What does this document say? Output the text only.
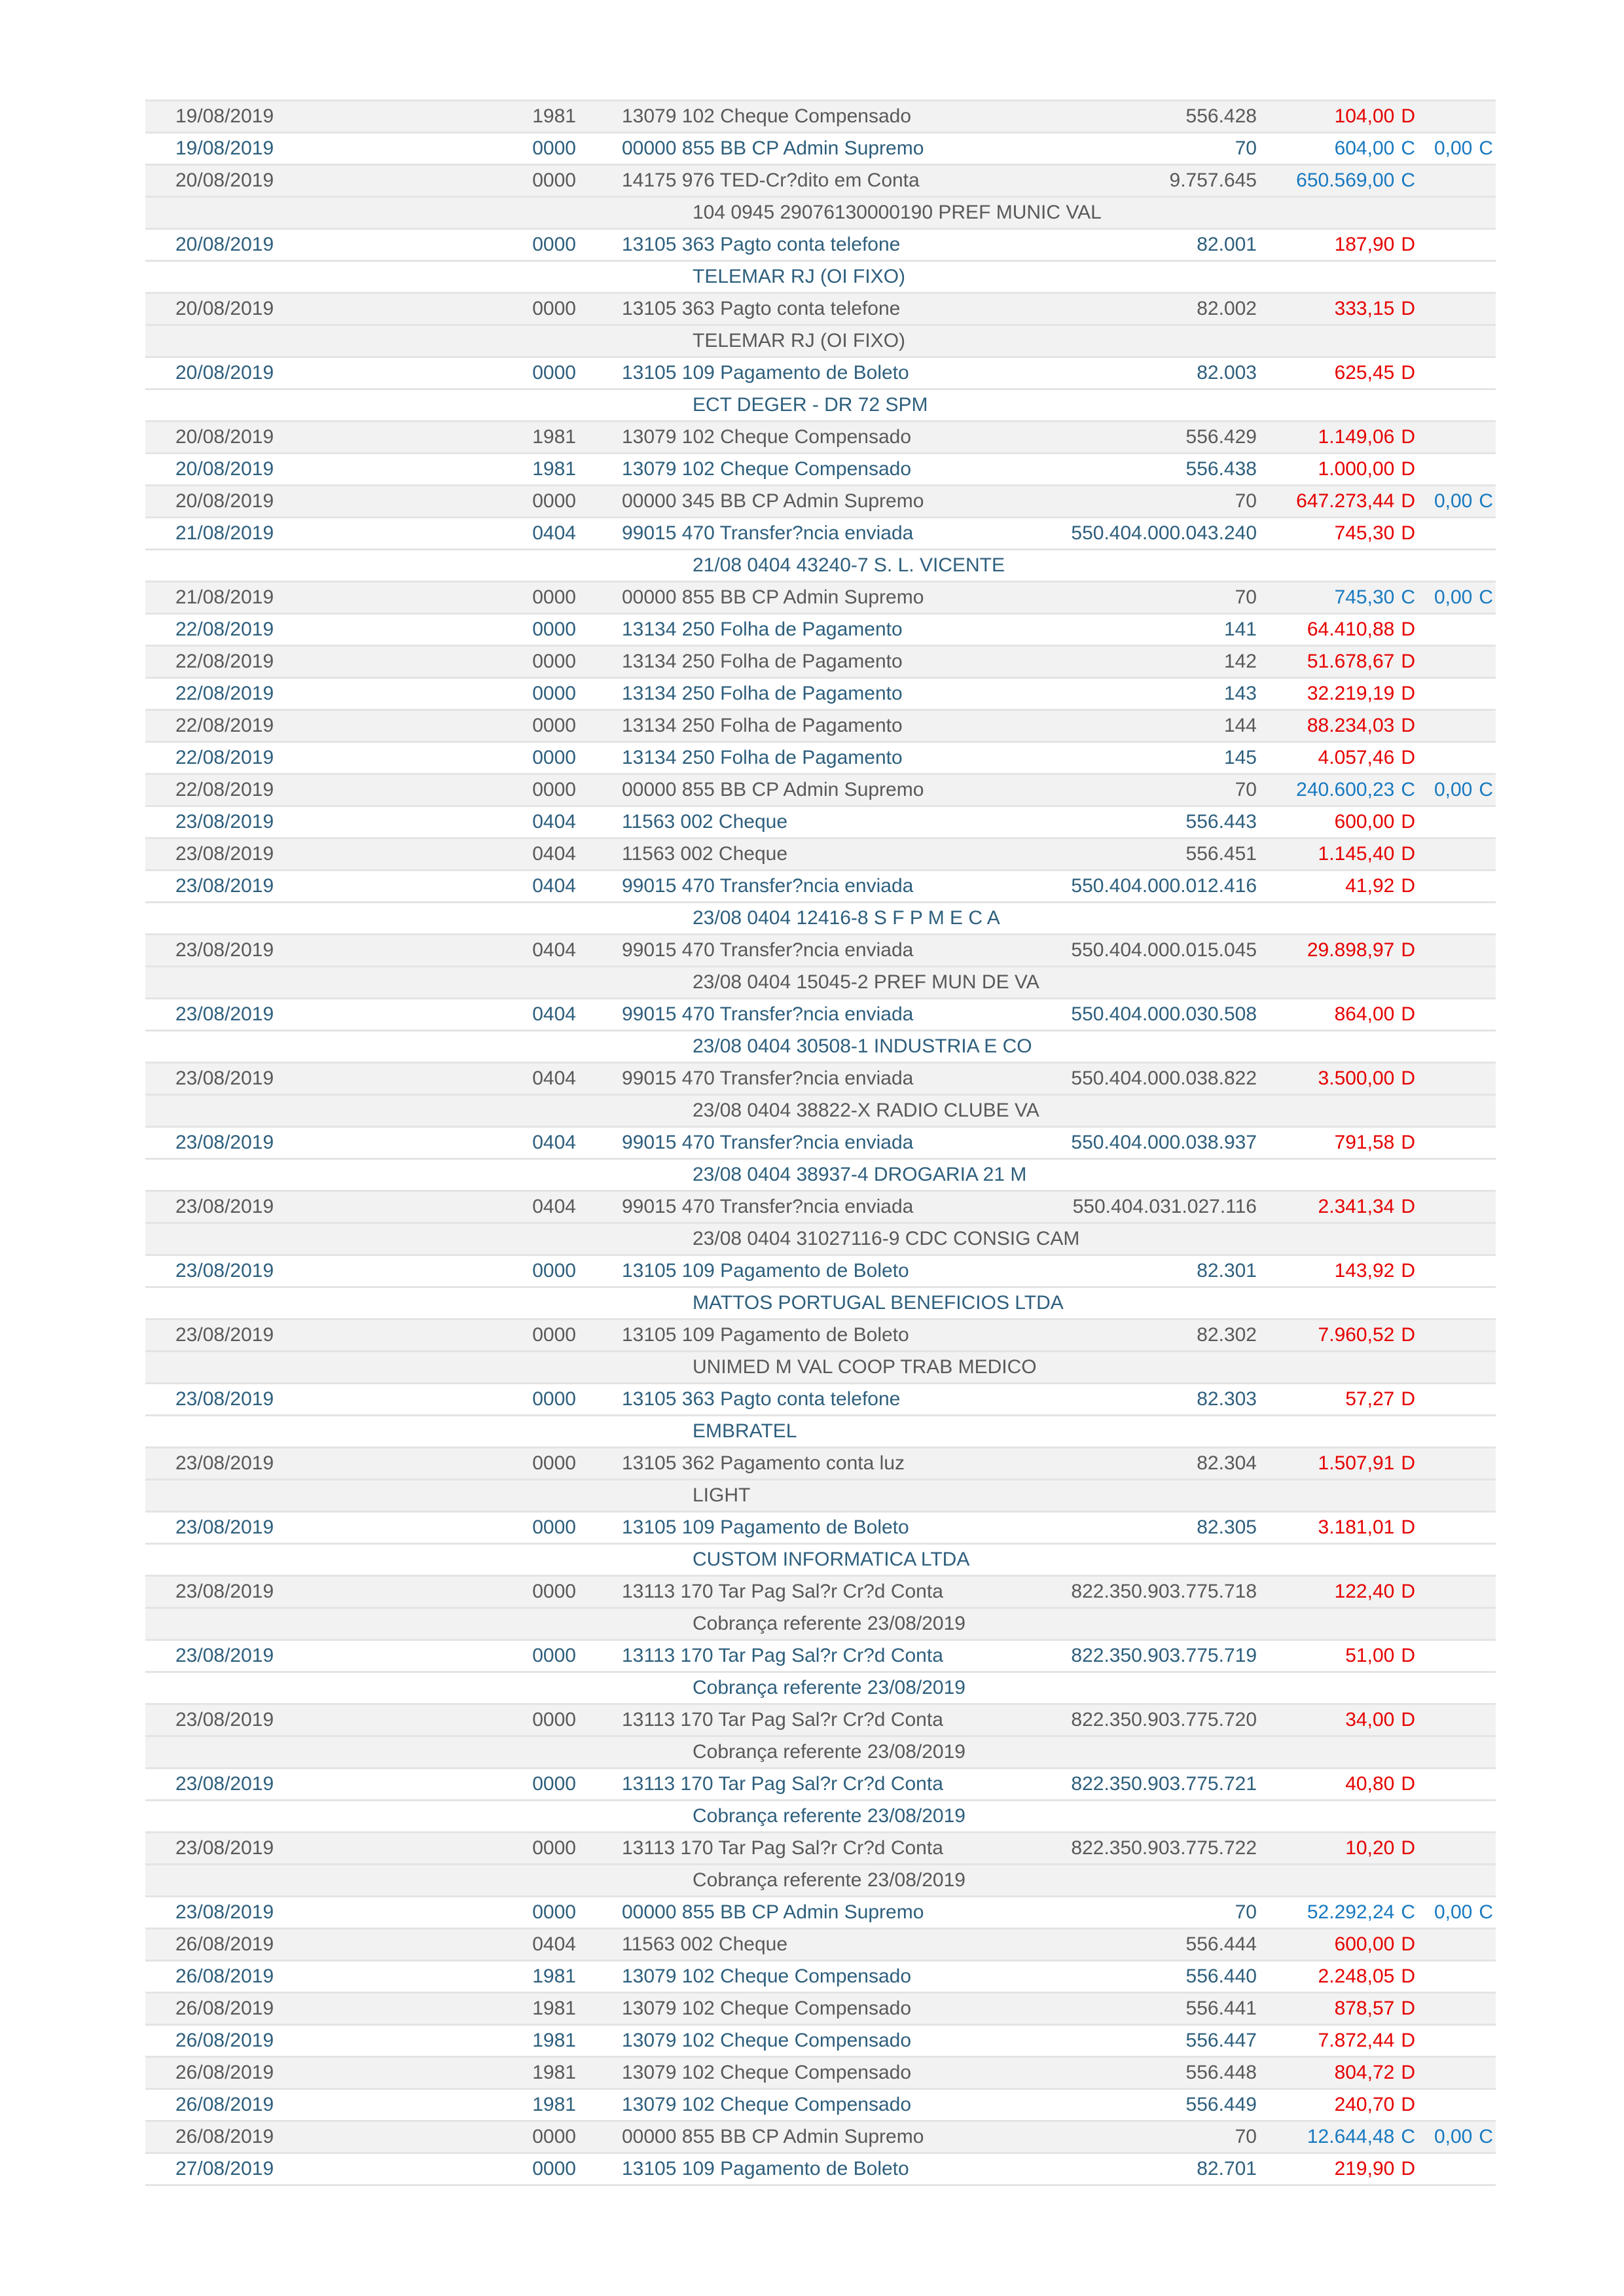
19/08/2019	1981	13079 102 Cheque Compensado	556.428	104,00 D
19/08/2019	0000	00000 855 BB CP Admin Supremo	70	604,00 C 0,00 C
20/08/2019	0000	14175 976 TED-Cr?dito em Conta	9.757.645 650.569,00 C
104 0945 29076130000190 PREF MUNIC VAL
20/08/2019	0000	13105 363 Pagto conta telefone	82.001	187,90 D
TELEMAR RJ (OI FIXO)
20/08/2019	0000	13105 363 Pagto conta telefone	82.002	333,15 D
TELEMAR RJ (OI FIXO)
20/08/2019	0000	13105 109 Pagamento de Boleto	82.003	625,45 D
ECT DEGER - DR 72 SPM
20/08/2019	1981	13079 102 Cheque Compensado	556.429	1.149,06 D
20/08/2019	1981	13079 102 Cheque Compensado	556.438	1.000,00 D
20/08/2019	0000	00000 345 BB CP Admin Supremo	70 647.273,44 D 0,00 C
21/08/2019	0404	99015 470 Transfer?ncia enviada	550.404.000.043.240	745,30 D
21/08 0404 43240-7 S. L. VICENTE
21/08/2019	0000	00000 855 BB CP Admin Supremo	70	745,30 C 0,00 C
22/08/2019	0000	13134 250 Folha de Pagamento	141	64.410,88 D
22/08/2019	0000	13134 250 Folha de Pagamento	142	51.678,67 D
22/08/2019	0000	13134 250 Folha de Pagamento	143	32.219,19 D
22/08/2019	0000	13134 250 Folha de Pagamento	144	88.234,03 D
22/08/2019	0000	13134 250 Folha de Pagamento	145	4.057,46 D
22/08/2019	0000	00000 855 BB CP Admin Supremo	70 240.600,23 C 0,00 C
23/08/2019	0404	11563 002 Cheque	556.443	600,00 D
23/08/2019	0404	11563 002 Cheque	556.451	1.145,40 D
23/08/2019	0404	99015 470 Transfer?ncia enviada	550.404.000.012.416	41,92 D
23/08 0404 12416-8 S F P M E C A
23/08/2019	0404	99015 470 Transfer?ncia enviada	550.404.000.015.045	29.898,97 D
23/08 0404 15045-2 PREF MUN DE VA
23/08/2019	0404	99015 470 Transfer?ncia enviada	550.404.000.030.508	864,00 D
23/08 0404 30508-1 INDUSTRIA E CO
23/08/2019	0404	99015 470 Transfer?ncia enviada	550.404.000.038.822	3.500,00 D
23/08 0404 38822-X RADIO CLUBE VA
23/08/2019	0404	99015 470 Transfer?ncia enviada	550.404.000.038.937	791,58 D
23/08 0404 38937-4 DROGARIA 21 M
23/08/2019	0404	99015 470 Transfer?ncia enviada	550.404.031.027.116	2.341,34 D
23/08 0404 31027116-9 CDC CONSIG CAM
23/08/2019	0000	13105 109 Pagamento de Boleto	82.301	143,92 D
MATTOS PORTUGAL BENEFICIOS LTDA
23/08/2019	0000	13105 109 Pagamento de Boleto	82.302	7.960,52 D
UNIMED M VAL COOP TRAB MEDICO
23/08/2019	0000	13105 363 Pagto conta telefone	82.303	57,27 D
EMBRATEL
23/08/2019	0000	13105 362 Pagamento conta luz	82.304	1.507,91 D
LIGHT
23/08/2019	0000	13105 109 Pagamento de Boleto	82.305	3.181,01 D
CUSTOM INFORMATICA LTDA
23/08/2019	0000	13113 170 Tar Pag Sal?r Cr?d Conta	822.350.903.775.718	122,40 D
Cobrança referente 23/08/2019
23/08/2019	0000	13113 170 Tar Pag Sal?r Cr?d Conta	822.350.903.775.719	51,00 D
Cobrança referente 23/08/2019
23/08/2019	0000	13113 170 Tar Pag Sal?r Cr?d Conta	822.350.903.775.720	34,00 D
Cobrança referente 23/08/2019
23/08/2019	0000	13113 170 Tar Pag Sal?r Cr?d Conta	822.350.903.775.721	40,80 D
Cobrança referente 23/08/2019
23/08/2019	0000	13113 170 Tar Pag Sal?r Cr?d Conta	822.350.903.775.722	10,20 D
Cobrança referente 23/08/2019
23/08/2019	0000	00000 855 BB CP Admin Supremo	70	52.292,24 C 0,00 C
26/08/2019	0404	11563 002 Cheque	556.444	600,00 D
26/08/2019	1981	13079 102 Cheque Compensado	556.440	2.248,05 D
26/08/2019	1981	13079 102 Cheque Compensado	556.441	878,57 D
26/08/2019	1981	13079 102 Cheque Compensado	556.447	7.872,44 D
26/08/2019	1981	13079 102 Cheque Compensado	556.448	804,72 D
26/08/2019	1981	13079 102 Cheque Compensado	556.449	240,70 D
26/08/2019	0000	00000 855 BB CP Admin Supremo	70	12.644,48 C 0,00 C
27/08/2019	0000	13105 109 Pagamento de Boleto	82.701	219,90 D
